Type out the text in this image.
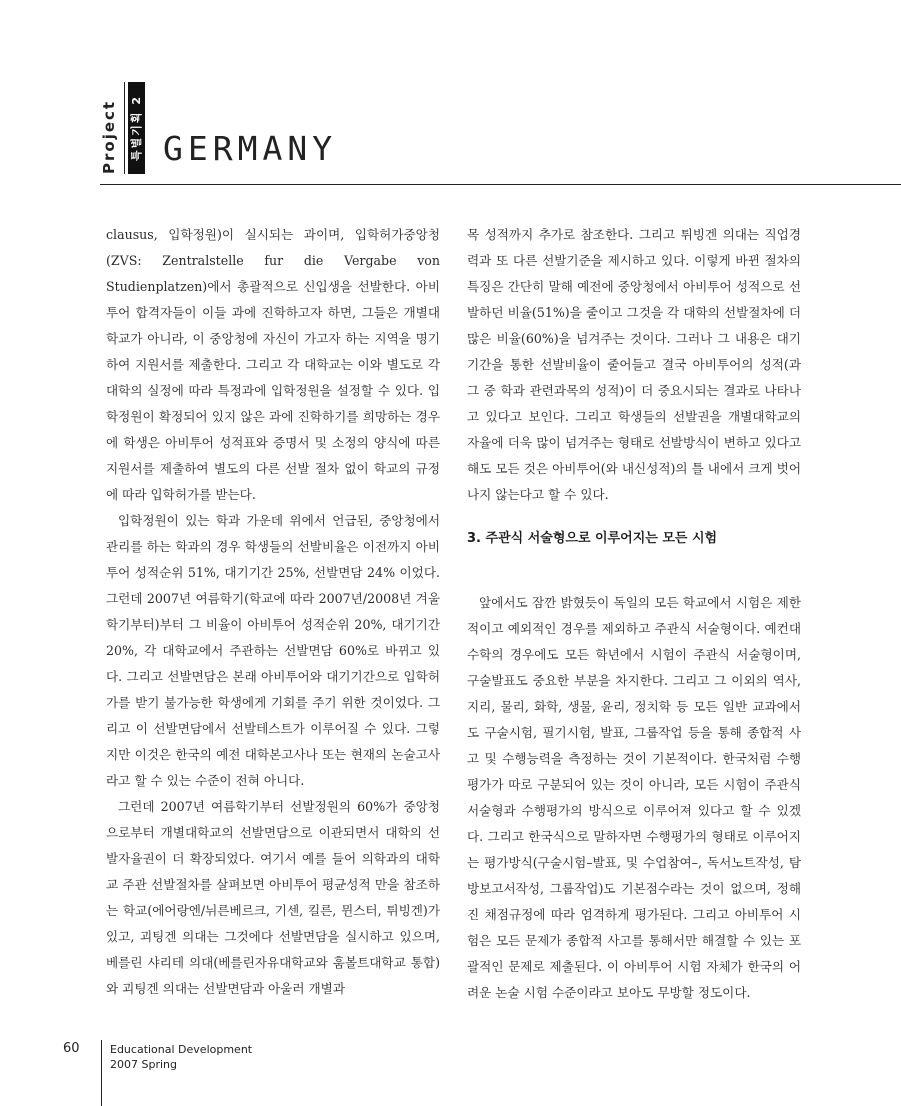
Project 특별기획 2 GERMANY

clausus, 입학정원)이 실시되는 과이며, 입학허가중앙청(ZVS: Zentralstelle fur die Vergabe von Studienplatzen)에서 총괄적으로 신입생을 선발한다. 아비투어 합격자들이 이들 과에 진학하고자 하면, 그들은 개별대학교가 아니라, 이 중앙청에 자신이 가고자 하는 지역을 명기하여 지원서를 제출한다. 그리고 각 대학교는 이와 별도로 각 대학의 실정에 따라 특정과에 입학정원을 설정할 수 있다. 입학정원이 확정되어 있지 않은 과에 진학하기를 희망하는 경우에 학생은 아비투어 성적표와 증명서 및 소정의 양식에 따른 지원서를 제출하여 별도의 다른 선발 절차 없이 학교의 규정에 따라 입학허가를 받는다.

입학정원이 있는 학과 가운데 위에서 언급된, 중앙청에서 관리를 하는 학과의 경우 학생들의 선발비율은 이전까지 아비투어 성적순위 51%, 대기기간 25%, 선발면담 24% 이었다. 그런데 2007년 여름학기(학교에 따라 2007년/2008년 겨울학기부터)부터 그 비율이 아비투어 성적순위 20%, 대기기간 20%, 각 대학교에서 주관하는 선발면담 60%로 바뀌고 있다. 그리고 선발면담은 본래 아비투어와 대기기간으로 입학허가를 받기 불가능한 학생에게 기회를 주기 위한 것이었다. 그리고 이 선발면담에서 선발테스트가 이루어질 수 있다. 그렇지만 이것은 한국의 예전 대학본고사나 또는 현재의 논술고사라고 할 수 있는 수준이 전혀 아니다.

그런데 2007년 여름학기부터 선발정원의 60%가 중앙청으로부터 개별대학교의 선발면담으로 이관되면서 대학의 선발자율권이 더 확장되었다. 여기서 예를 들어 의학과의 대학교 주관 선발절차를 살펴보면 아비투어 평균성적 만을 참조하는 학교(에어랑엔/뉘른베르크, 기센, 킬른, 뮌스터, 튀빙겐)가 있고, 괴팅겐 의대는 그것에다 선발면담을 실시하고 있으며, 베를린 샤리테 의대(베를린자유대학교와 훔볼트대학교 통합)와 괴팅겐 의대는 선발면담과 아울러 개별과

목 성적까지 추가로 참조한다. 그리고 튀빙겐 의대는 직업경력과 또 다른 선발기준을 제시하고 있다. 이렇게 바뀐 절차의 특징은 간단히 말해 예전에 중앙청에서 아비투어 성적으로 선발하던 비율(51%)을 줄이고 그것을 각 대학의 선발절차에 더 많은 비율(60%)을 넘겨주는 것이다. 그러나 그 내용은 대기기간을 통한 선발비율이 줄어들고 결국 아비투어의 성적(과 그 중 학과 관련과목의 성적)이 더 중요시되는 결과로 나타나고 있다고 보인다. 그리고 학생들의 선발권을 개별대학교의 자율에 더욱 많이 넘겨주는 형태로 선발방식이 변하고 있다고 해도 모든 것은 아비투어(와 내신성적)의 틀 내에서 크게 벗어나지 않는다고 할 수 있다.

3. 주관식 서술형으로 이루어지는 모든 시험

앞에서도 잠깐 밝혔듯이 독일의 모든 학교에서 시험은 제한적이고 예외적인 경우를 제외하고 주관식 서술형이다. 예컨대 수학의 경우에도 모든 학년에서 시험이 주관식 서술형이며, 구술발표도 중요한 부분을 차지한다. 그리고 그 이외의 역사, 지리, 물리, 화학, 생물, 윤리, 정치학 등 모든 일반 교과에서도 구술시험, 필기시험, 발표, 그룹작업 등을 통해 종합적 사고 및 수행능력을 측정하는 것이 기본적이다. 한국처럼 수행평가가 따로 구분되어 있는 것이 아니라, 모든 시험이 주관식 서술형과 수행평가의 방식으로 이루어져 있다고 할 수 있겠다. 그리고 한국식으로 말하자면 수행평가의 형태로 이루어지는 평가방식(구술시험–발표, 및 수업참여–, 독서노트작성, 탐방보고서작성, 그룹작업)도 기본점수라는 것이 없으며, 정해진 채점규정에 따라 엄격하게 평가된다. 그리고 아비투어 시험은 모든 문제가 종합적 사고를 통해서만 해결할 수 있는 포괄적인 문제로 제출된다. 이 아비투어 시험 자체가 한국의 어려운 논술 시험 수준이라고 보아도 무방할 정도이다.

60	Educational Development
2007 Spring
